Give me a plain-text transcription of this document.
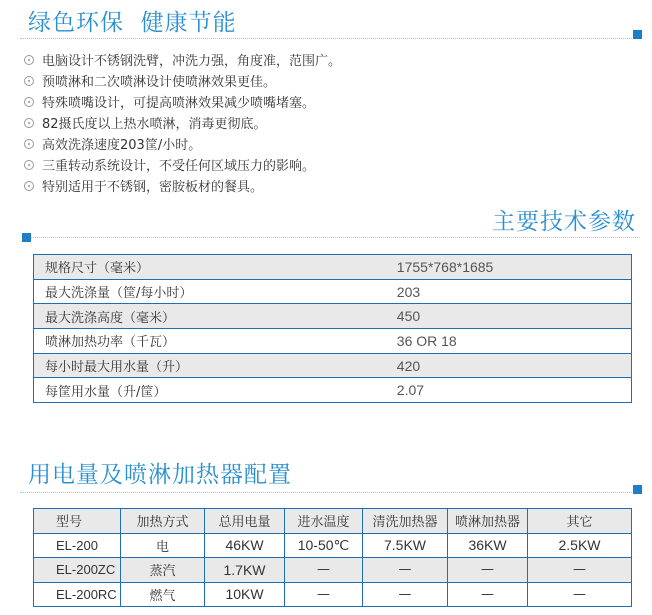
绿色环保  健康节能
电脑设计不锈钢洗臂，冲洗力强，角度准，范围广。
预喷淋和二次喷淋设计使喷淋效果更佳。
特殊喷嘴设计，可提高喷淋效果减少喷嘴堵塞。
82摄氏度以上热水喷淋，消毒更彻底。
高效洗涤速度203筐/小时。
三重转动系统设计，不受任何区域压力的影响。
特别适用于不锈钢，密胺板材的餐具。
主要技术参数
规格尺寸（毫米）	1755*768*1685
最大洗涤量（筐/每小时）	203
最大洗涤高度（毫米）	450
喷淋加热功率（千瓦）	36 OR 18
每小时最大用水量（升）	420
每筐用水量（升/筐）	2.07
用电量及喷淋加热器配置
型号	加热方式	总用电量	进水温度	清洗加热器	喷淋加热器	其它
EL-200	电	46KW	10-50℃	7.5KW	36KW	2.5KW
EL-200ZC	蒸汽	1.7KW	—	—	—	—
EL-200RC	燃气	10KW	—	—	—	—
